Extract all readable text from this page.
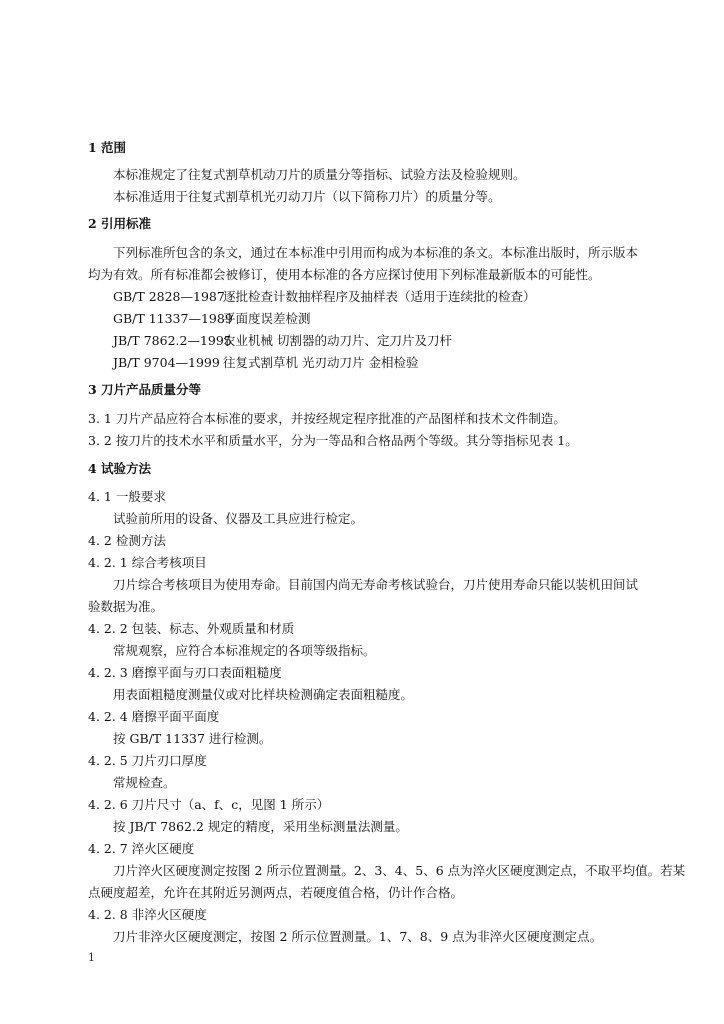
1 范围
本标准规定了往复式割草机动刀片的质量分等指标、试验方法及检验规则。
本标准适用于往复式割草机光刃动刀片（以下简称刀片）的质量分等。
2 引用标准
下列标准所包含的条文，通过在本标准中引用而构成为本标准的条文。本标准出版时，所示版本
均为有效。所有标准都会被修订，使用本标准的各方应探讨使用下列标准最新版本的可能性。
GB/T 2828—1987逐批检查计数抽样程序及抽样表（适用于连续批的检查）
GB/T 11337—1989平面度误差检测
JB/T 7862.2—1995农业机械 切割器的动刀片、定刀片及刀杆
JB/T 9704—1999 往复式割草机 光刃动刀片 金相检验
3 刀片产品质量分等
3. 1 刀片产品应符合本标准的要求，并按经规定程序批准的产品图样和技术文件制造。
3. 2 按刀片的技术水平和质量水平，分为一等品和合格品两个等级。其分等指标见表 1。
4 试验方法
4. 1 一般要求
试验前所用的设备、仪器及工具应进行检定。
4. 2 检测方法
4. 2. 1 综合考核项目
刀片综合考核项目为使用寿命。目前国内尚无寿命考核试验台，刀片使用寿命只能以装机田间试
验数据为准。
4. 2. 2 包装、标志、外观质量和材质
常规观察，应符合本标准规定的各项等级指标。
4. 2. 3 磨擦平面与刃口表面粗糙度
用表面粗糙度测量仪或对比样块检测确定表面粗糙度。
4. 2. 4 磨擦平面平面度
按 GB/T 11337 进行检测。
4. 2. 5 刀片刃口厚度
常规检查。
4. 2. 6 刀片尺寸（a、f、c，见图 1 所示）
按 JB/T 7862.2 规定的精度，采用坐标测量法测量。
4. 2. 7 淬火区硬度
刀片淬火区硬度测定按图 2 所示位置测量。2、3、4、5、6 点为淬火区硬度测定点，不取平均值。若某
点硬度超差，允许在其附近另测两点，若硬度值合格，仍计作合格。
4. 2. 8 非淬火区硬度
刀片非淬火区硬度测定，按图 2 所示位置测量。1、7、8、9 点为非淬火区硬度测定点。
1
